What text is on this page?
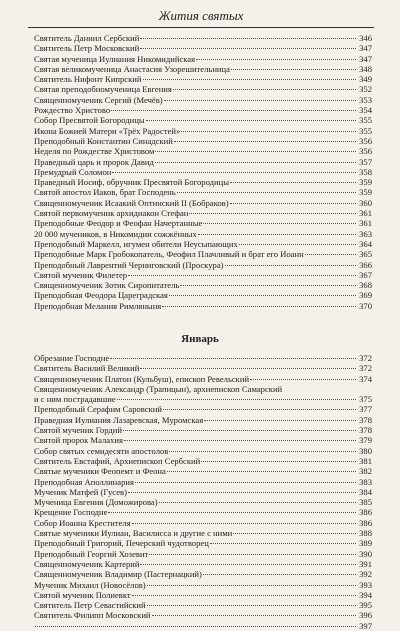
Жития святых
Святитель Даниил Сербский	346
Святитель Петр Московский	347
Святая мученица Иулиания Никомидийская	347
Святая великомученица Анастасия Узорешительница	348
Святитель Нифонт Кипрский	349
Святая преподобномученица Евгения	352
Священномученик Сергий (Мечёв)	353
Рождество Христово	354
Собор Пресвятой Богородицы	355
Икона Божией Матери «Трёх Радостей»	355
Преподобный Константин Синадский	356
Неделя по Рождестве Христовом	356
Праведный царь и пророк Давид	357
Премудрый Соломон	358
Праведный Иосиф, обручник Пресвятой Богородицы	359
Святой апостол Иаков, брат Господень	359
Священномученик Исаакий Оптинский II (Бобраков)	360
Святой первомученик архидиакон Стефан	361
Преподобные Феодор и Феофан Начертанные	361
20 000 мучеников, в Никомидии сожжённых	363
Преподобный Маркелл, игумен обители Неусыпающих	364
Преподобные Марк Гробокопатель, Феофил Плачливый и брат его Иоанн	365
Преподобный Лаврентий Черниговский (Проскура)	366
Святой мученик Филетер	367
Священномученик Зотик Сиропитатель	368
Преподобная Феодора Цареградская	369
Преподобная Мелания Римляныня	370
Январь
Обрезание Господне	372
Святитель Василий Великий	372
Священномученик Платон (Кульбуш), епископ Ревельский	374
Священномученик Александр (Трапицын), архиепископ Самарский
и с ним пострадавшие	375
Преподобный Серафим Саровский	377
Праведная Иулиания Лазаревская, Муромская	378
Святой мученик Гордий	378
Святой пророк Малахия	379
Собор святых семидесяти апостолов	380
Святитель Евстафий, Архиепископ Сербский	381
Святые мученики Феопемт и Феона	382
Преподобная Аполлинария	383
Мученик Матфей (Гусев)	384
Мученица Евгения (Доможирова)	385
Крещение Господне	386
Собор Иоанна Крестителя	386
Святые мученики Иулиан, Василисса и другие с ними	388
Преподобный Григорий, Печерский чудотворец	389
Преподобный Георгий Хозевит	390
Священномученик Картерий	391
Священномученик Владимир (Пастернацкий)	392
Мученик Михаил (Новосёлов)	393
Святой мученик Полиевкт	394
Святитель Петр Севастийский	395
Святитель Филипп Московский	396
397
